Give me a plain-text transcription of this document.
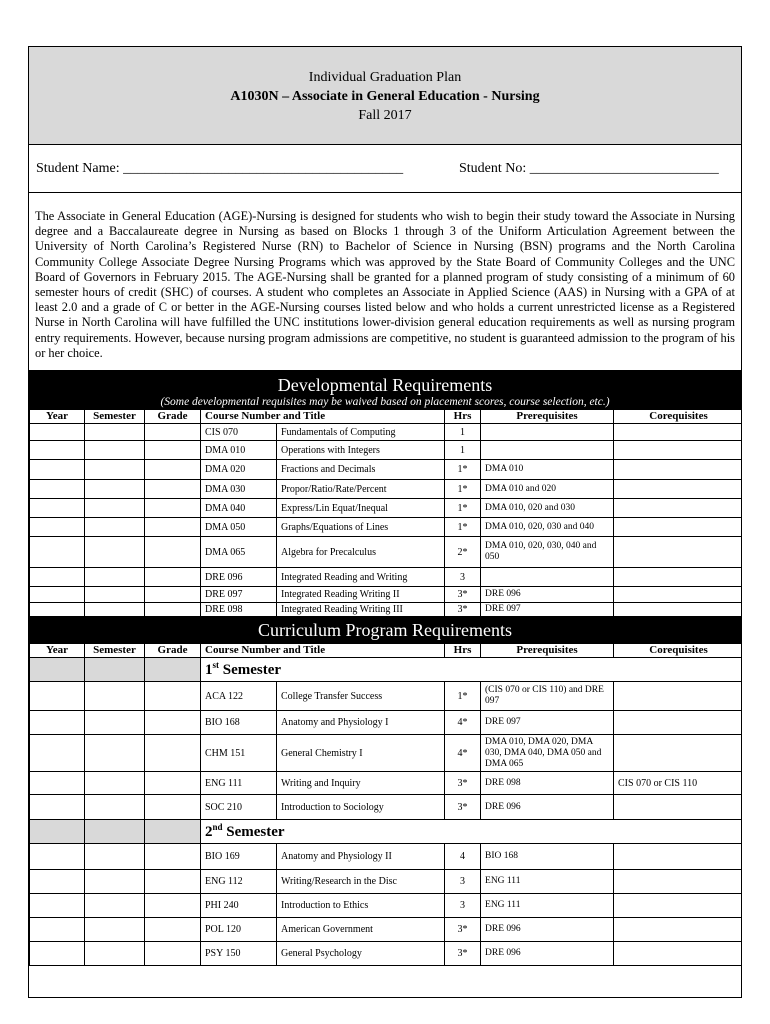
Individual Graduation Plan
A1030N – Associate in General Education - Nursing
Fall 2017
Student Name: ________________________________________	Student No: ___________________________
The Associate in General Education (AGE)-Nursing is designed for students who wish to begin their study toward the Associate in Nursing degree and a Baccalaureate degree in Nursing as based on Blocks 1 through 3 of the Uniform Articulation Agreement between the University of North Carolina’s Registered Nurse (RN) to Bachelor of Science in Nursing (BSN) programs and the North Carolina Community College Associate Degree Nursing Programs which was approved by the State Board of Community Colleges and the UNC Board of Governors in February 2015. The AGE-Nursing shall be granted for a planned program of study consisting of a minimum of 60 semester hours of credit (SHC) of courses. A student who completes an Associate in Applied Science (AAS) in Nursing with a GPA of at least 2.0 and a grade of C or better in the AGE-Nursing courses listed below and who holds a current unrestricted license as a Registered Nurse in North Carolina will have fulfilled the UNC institutions lower-division general education requirements as well as nursing program entry requirements. However, because nursing program admissions are competitive, no student is guaranteed admission to the program of his or her choice.
Developmental Requirements
(Some developmental requisites may be waived based on placement scores, course selection, etc.)
Year	Semester	Grade	Course Number and Title		Hrs	Prerequisites	Corequisites
			CIS 070	Fundamentals of Computing	1		
			DMA 010	Operations with Integers	1		
			DMA 020	Fractions and Decimals	1*	DMA 010	
			DMA 030	Propor/Ratio/Rate/Percent	1*	DMA 010 and 020	
			DMA 040	Express/Lin Equat/Inequal	1*	DMA 010, 020 and 030	
			DMA 050	Graphs/Equations of Lines	1*	DMA 010, 020, 030 and 040	
			DMA 065	Algebra for Precalculus	2*	DMA 010, 020, 030, 040 and 050	
			DRE 096	Integrated Reading and Writing	3		
			DRE 097	Integrated Reading Writing II	3*	DRE 096	
			DRE 098	Integrated Reading Writing III	3*	DRE 097	
Curriculum Program Requirements
Year	Semester	Grade	Course Number and Title		Hrs	Prerequisites	Corequisites
			1st Semester				
			ACA 122	College Transfer Success	1*	(CIS 070 or CIS 110) and DRE 097	
			BIO 168	Anatomy and Physiology I	4*	DRE 097	
			CHM 151	General Chemistry I	4*	DMA 010, DMA 020, DMA 030, DMA 040, DMA 050 and DMA 065	
			ENG 111	Writing and Inquiry	3*	DRE 098	CIS 070 or CIS 110
			SOC 210	Introduction to Sociology	3*	DRE 096	
			2nd Semester				
			BIO 169	Anatomy and Physiology II	4	BIO 168	
			ENG 112	Writing/Research in the Disc	3	ENG 111	
			PHI 240	Introduction to Ethics	3	ENG 111	
			POL 120	American Government	3*	DRE 096	
			PSY 150	General Psychology	3*	DRE 096	
